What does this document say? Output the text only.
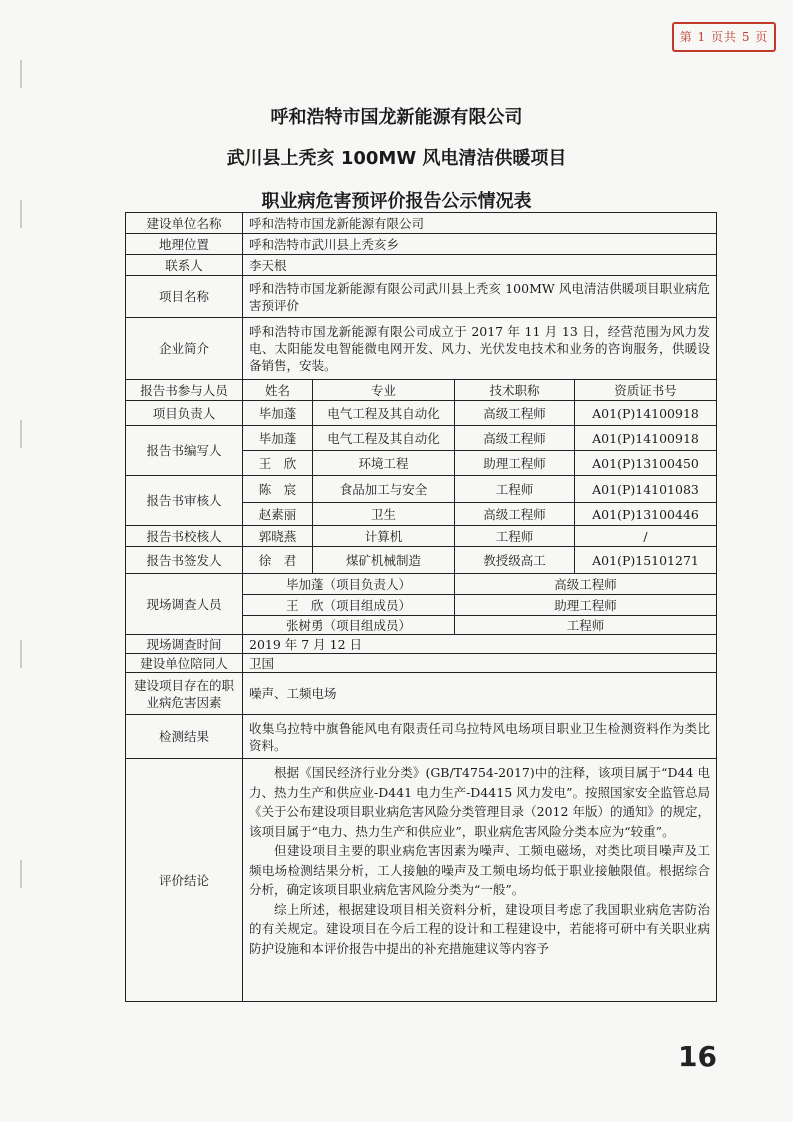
第 1 页共 5 页
呼和浩特市国龙新能源有限公司
武川县上秃亥 100MW 风电清洁供暖项目
职业病危害预评价报告公示情况表
建设单位名称	呼和浩特市国龙新能源有限公司			
地理位置	呼和浩特市武川县上秃亥乡			
联系人	李天根			
项目名称	呼和浩特市国龙新能源有限公司武川县上秃亥 100MW 风电清洁供暖项目职业病危害预评价			
企业简介	呼和浩特市国龙新能源有限公司成立于 2017 年 11 月 13 日，经营范围为风力发电、太阳能发电智能微电网开发、风力、光伏发电技术和业务的咨询服务，供暖设备销售，安装。			
报告书参与人员	姓名	专业	技术职称	资质证书号
项目负责人	毕加蓬	电气工程及其自动化	高级工程师	A01(P)14100918
报告书编写人	毕加蓬	电气工程及其自动化	高级工程师	A01(P)14100918
	王　欣	环境工程	助理工程师	A01(P)13100450
报告书审核人	陈　宸	食品加工与安全	工程师	A01(P)14101083
	赵素丽	卫生	高级工程师	A01(P)13100446
报告书校核人	郭晓燕	计算机	工程师	/
报告书签发人	徐　君	煤矿机械制造	教授级高工	A01(P)15101271
现场调查人员	毕加蓬（项目负责人）		高级工程师	
	王　欣（项目组成员）		助理工程师	
	张树勇（项目组成员）		工程师	
现场调查时间	2019 年 7 月 12 日			
建设单位陪同人	卫国			
建设项目存在的职业病危害因素	噪声、工频电场			
检测结果	收集乌拉特中旗鲁能风电有限责任司乌拉特风电场项目职业卫生检测资料作为类比资料。			
评价结论	根据《国民经济行业分类》(GB/T4754-2017)中的注释，该项目属于“D44 电力、热力生产和供应业-D441 电力生产-D4415 风力发电”。按照国家安全监管总局《关于公布建设项目职业病危害风险分类管理目录（2012 年版）的通知》的规定，该项目属于“电力、热力生产和供应业”，职业病危害风险分类本应为“较重”。

但建设项目主要的职业病危害因素为噪声、工频电磁场，对类比项目噪声及工频电场检测结果分析，工人接触的噪声及工频电场均低于职业接触限值。根据综合分析，确定该项目职业病危害风险分类为“一般”。

综上所述，根据建设项目相关资料分析，建设项目考虑了我国职业病危害防治的有关规定。建设项目在今后工程的设计和工程建设中，若能将可研中有关职业病防护设施和本评价报告中提出的补充措施建议等内容予			

16
